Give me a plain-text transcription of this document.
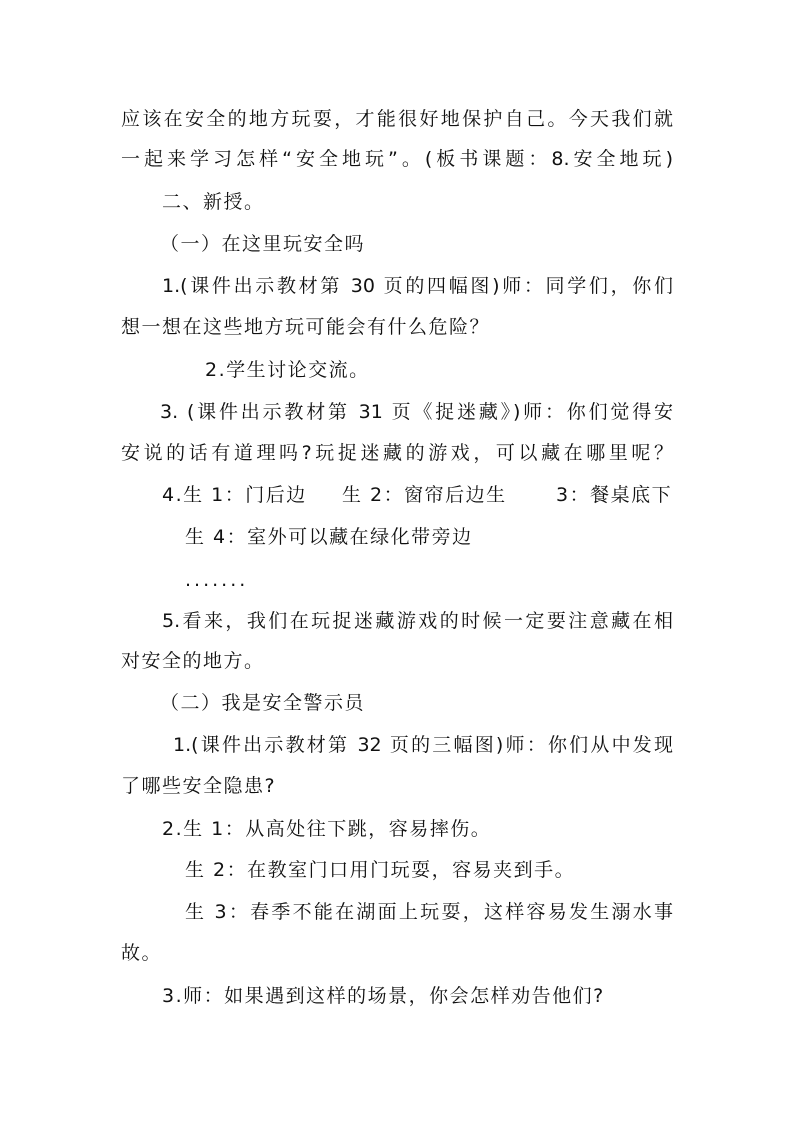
应该在安全的地方玩耍，才能很好地保护自己。今天我们就
一起来学习怎样“安全地玩”。(板书课题：8.安全地玩)
二、新授。
（一）在这里玩安全吗
1.(课件出示教材第 30 页的四幅图)师：同学们，你们
想一想在这些地方玩可能会有什么危险？
2.学生讨论交流。
3. (课件出示教材第 31 页《捉迷藏》)师：你们觉得安
安说的话有道理吗?玩捉迷藏的游戏，可以藏在哪里呢？
4.生 1：门后边 生 2：窗帘后边生	3：餐桌底下
生 4：室外可以藏在绿化带旁边
.......
5.看来，我们在玩捉迷藏游戏的时候一定要注意藏在相
对安全的地方。
（二）我是安全警示员
1.(课件出示教材第 32 页的三幅图)师：你们从中发现
了哪些安全隐患?
2.生 1：从高处往下跳，容易摔伤。
生 2：在教室门口用门玩耍，容易夹到手。
生 3：春季不能在湖面上玩耍，这样容易发生溺水事
故。
3.师：如果遇到这样的场景，你会怎样劝告他们?
